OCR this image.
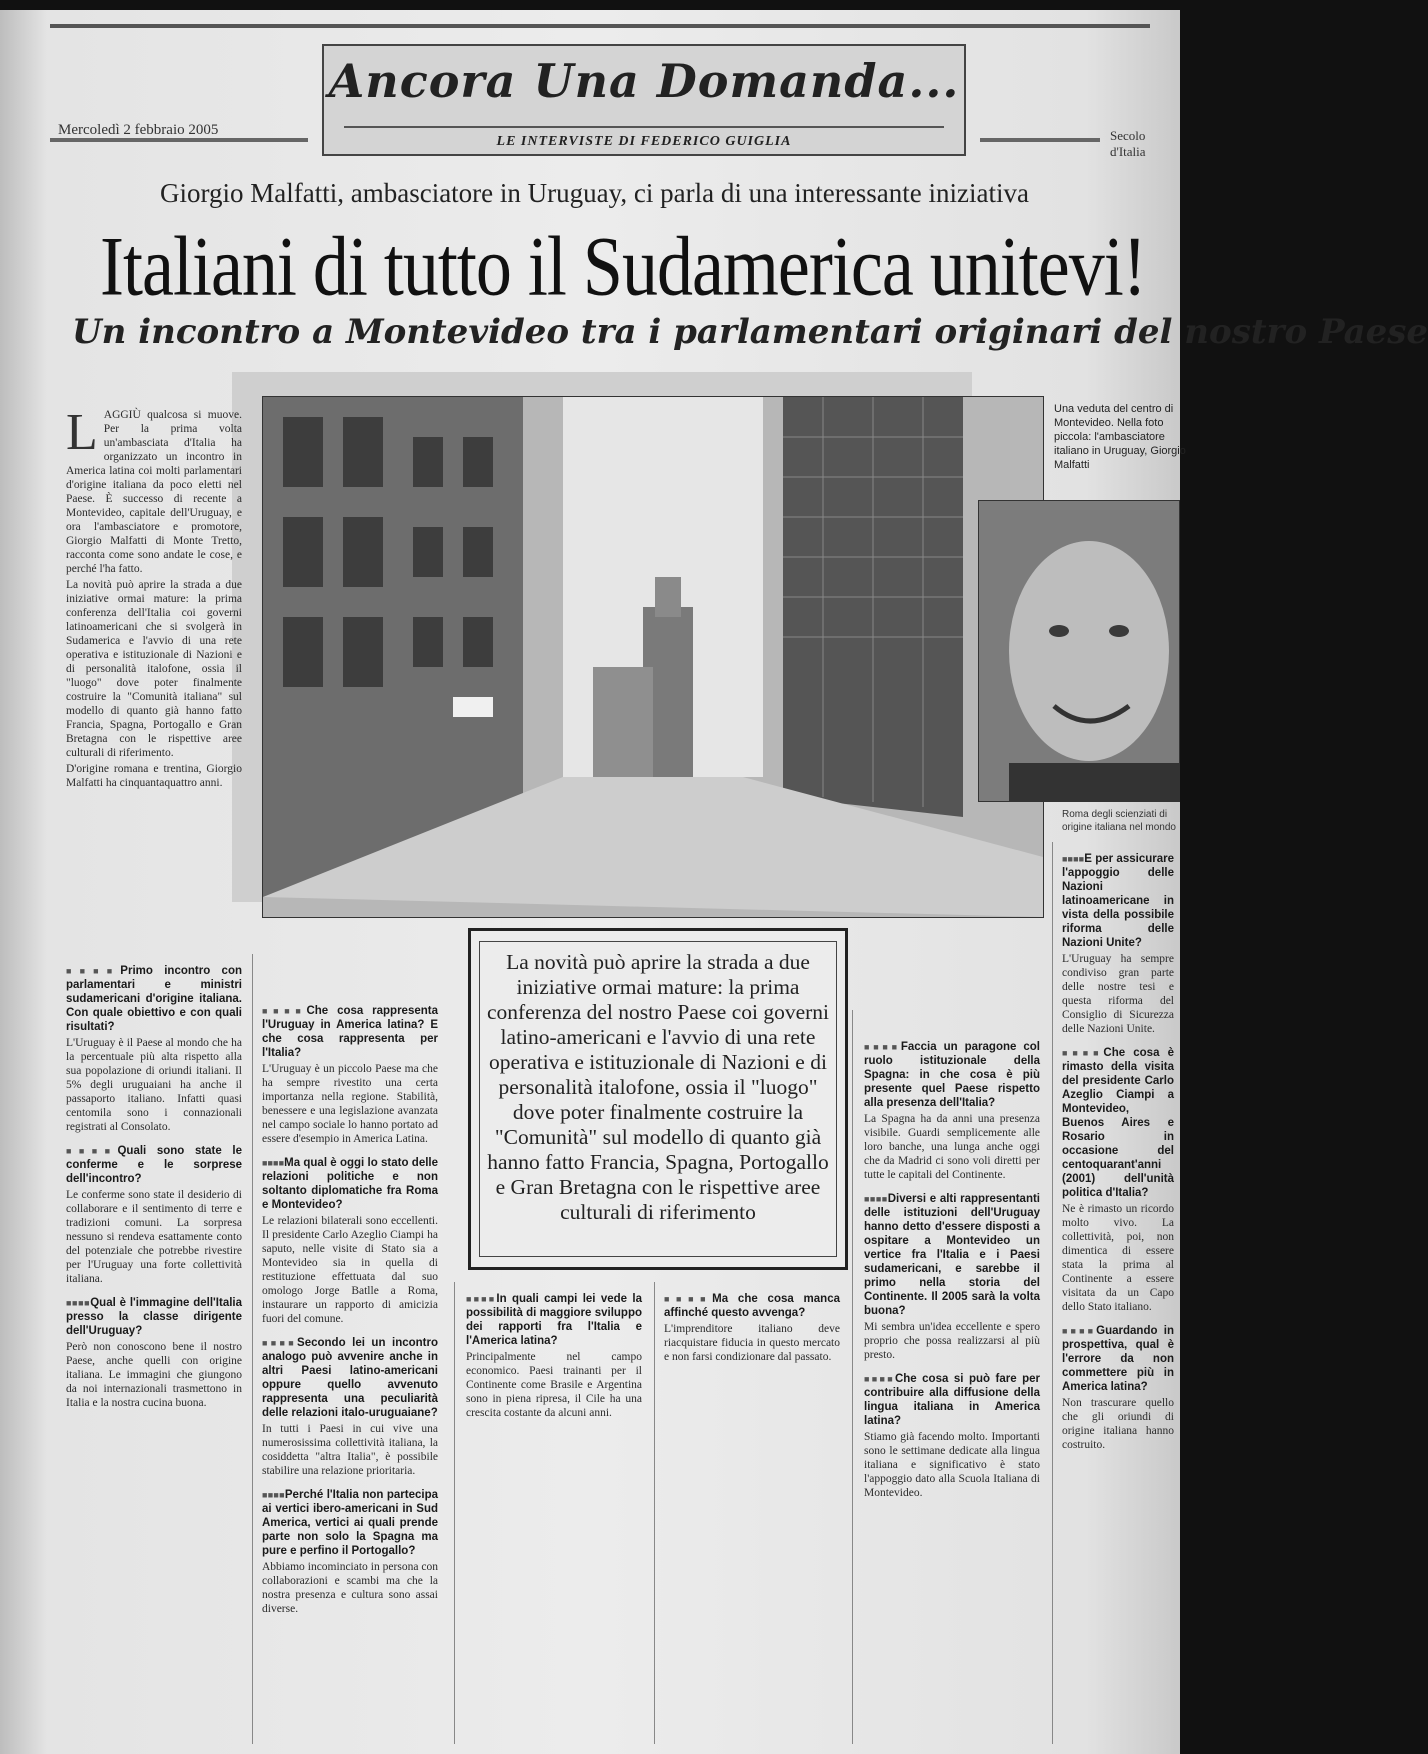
Ancora Una Domanda...
LE INTERVISTE DI FEDERICO GUIGLIA
Mercoledì 2 febbraio 2005	Secolo d'Italia
Giorgio Malfatti, ambasciatore in Uruguay, ci parla di una interessante iniziativa
Italiani di tutto il Sudamerica unitevi!
Un incontro a Montevideo tra i parlamentari originari del nostro Paese
Una veduta del centro di Montevideo. Nella foto piccola: l'ambasciatore italiano in Uruguay, Giorgio Malfatti
Roma degli scienziati di origine italiana nel mondo
L AGGIÙ qualcosa si muove. Per la prima volta un'ambasciata d'Italia ha organizzato un incontro in America latina coi molti parlamentari d'origine italiana da poco eletti nel Paese. È successo di recente a Montevideo, capitale dell'Uruguay, e ora l'ambasciatore e promotore, Giorgio Malfatti di Monte Tretto, racconta come sono andate le cose, e perché l'ha fatto.

La novità può aprire la strada a due iniziative ormai mature: la prima conferenza dell'Italia coi governi latinoamericani che si svolgerà in Sudamerica e l'avvio di una rete operativa e istituzionale di Nazioni e di personalità italofone, ossia il "luogo" dove poter finalmente costruire la "Comunità italiana" sul modello di quanto già hanno fatto Francia, Spagna, Portogallo e Gran Bretagna con le rispettive aree culturali di riferimento.

D'origine romana e trentina, Giorgio Malfatti ha cinquantaquattro anni.

■■■■ Primo incontro con parlamentari e ministri sudamericani d'origine italiana. Con quale obiettivo e con quali risultati?

L'Uruguay è il Paese al mondo che ha la percentuale più alta rispetto alla sua popolazione di oriundi italiani. Il 5% degli uruguaiani ha anche il passaporto italiano. Infatti quasi centomila sono i connazionali registrati al Consolato.

■■■■ Quali sono state le conferme e le sorprese dell'incontro?

Le conferme sono state il desiderio di collaborare e il sentimento di terre e tradizioni comuni. La sorpresa nessuno si rendeva esattamente conto del potenziale che potrebbe rivestire per l'Uruguay una forte collettività italiana.

■■■■ Qual è l'immagine dell'Italia presso la classe dirigente dell'Uruguay?

Però non conoscono bene il nostro Paese, anche quelli con origine italiana. Le immagini che giungono da noi internazionali trasmettono in Italia e la nostra cucina buona.

■■■■ Che cosa rappresenta l'Uruguay in America latina? E che cosa rappresenta per l'Italia?

L'Uruguay è un piccolo Paese ma che ha sempre rivestito una certa importanza nella regione. Stabilità, benessere e una legislazione avanzata nel campo sociale lo hanno portato ad essere d'esempio in America Latina.

■■■■ Ma qual è oggi lo stato delle relazioni politiche e non soltanto diplomatiche fra Roma e Montevideo?

Le relazioni bilaterali sono eccellenti. Il presidente Carlo Azeglio Ciampi ha saputo, nelle visite di Stato sia a Montevideo sia in quella di restituzione effettuata dal suo omologo Jorge Batlle a Roma, instaurare un rapporto di amicizia fuori del comune.

■■■■ Secondo lei un incontro analogo può avvenire anche in altri Paesi latino-americani oppure quello avvenuto rappresenta una peculiarità delle relazioni italo-uruguaiane?

In tutti i Paesi in cui vive una numerosissima collettività italiana, la cosiddetta "altra Italia", è possibile stabilire una relazione prioritaria.

■■■■ Perché l'Italia non partecipa ai vertici ibero-americani in Sud America, vertici ai quali prende parte non solo la Spagna ma pure e perfino il Portogallo?

Abbiamo incominciato in persona con collaborazioni e scambi ma che la nostra presenza e cultura sono assai diverse.

La novità può aprire la strada a due iniziative ormai mature: la prima conferenza del nostro Paese coi governi latino-americani e l'avvio di una rete operativa e istituzionale di Nazioni e di personalità italofone, ossia il "luogo" dove poter finalmente costruire la "Comunità" sul modello di quanto già hanno fatto Francia, Spagna, Portogallo e Gran Bretagna con le rispettive aree culturali di riferimento
■■■■ In quali campi lei vede la possibilità di maggiore sviluppo dei rapporti fra l'Italia e l'America latina?

Principalmente nel campo economico. Paesi trainanti per il Continente come Brasile e Argentina sono in piena ripresa, il Cile ha una crescita costante da alcuni anni.

■■■■ Ma che cosa manca affinché questo avvenga?

L'imprenditore italiano deve riacquistare fiducia in questo mercato e non farsi condizionare dal passato.

■■■■ Faccia un paragone col ruolo istituzionale della Spagna: in che cosa è più presente quel Paese rispetto alla presenza dell'Italia?

La Spagna ha da anni una presenza visibile. Guardi semplicemente alle loro banche, una lunga anche oggi che da Madrid ci sono voli diretti per tutte le capitali del Continente.

■■■■ Diversi e alti rappresentanti delle istituzioni dell'Uruguay hanno detto d'essere disposti a ospitare a Montevideo un vertice fra l'Italia e i Paesi sudamericani, e sarebbe il primo nella storia del Continente. Il 2005 sarà la volta buona?

Mi sembra un'idea eccellente e spero proprio che possa realizzarsi al più presto.

■■■■ Che cosa si può fare per contribuire alla diffusione della lingua italiana in America latina?

Stiamo già facendo molto. Importanti sono le settimane dedicate alla lingua italiana e significativo è stato l'appoggio dato alla Scuola Italiana di Montevideo.

■■■■ E per assicurare l'appoggio delle Nazioni latinoamericane in vista della possibile riforma delle Nazioni Unite?

L'Uruguay ha sempre condiviso gran parte delle nostre tesi e questa riforma del Consiglio di Sicurezza delle Nazioni Unite.

■■■■ Che cosa è rimasto della visita del presidente Carlo Azeglio Ciampi a Montevideo, Buenos Aires e Rosario in occasione del centoquarant'anni (2001) dell'unità politica d'Italia?

Ne è rimasto un ricordo molto vivo. La collettività, poi, non dimentica di essere stata la prima al Continente a essere visitata da un Capo dello Stato italiano.

■■■■ Guardando in prospettiva, qual è l'errore da non commettere più in America latina?

Non trascurare quello che gli oriundi di origine italiana hanno costruito.
